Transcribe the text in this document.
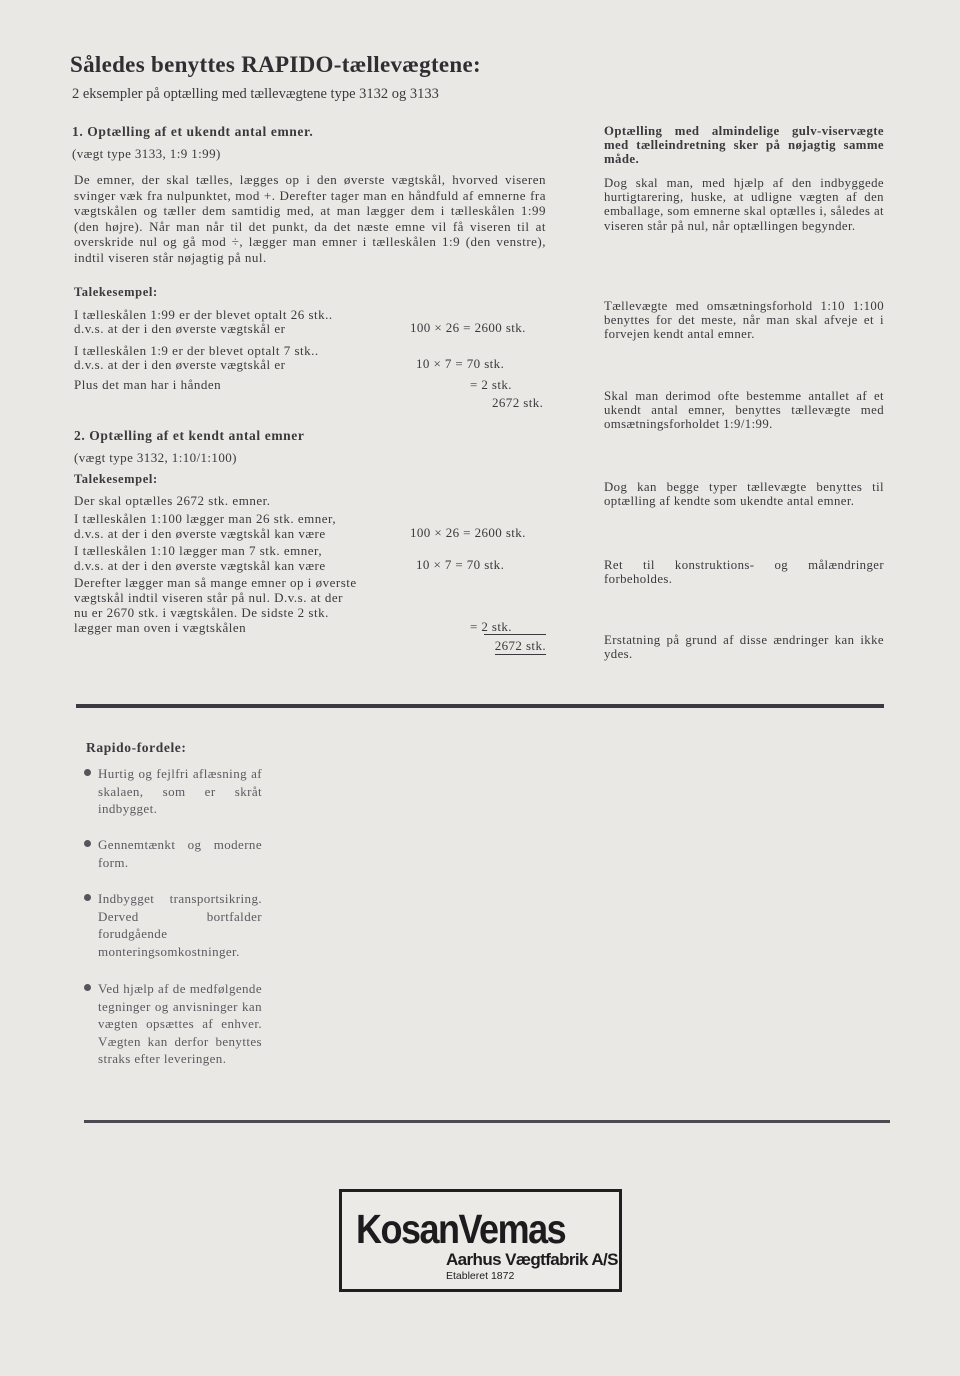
Således benyttes RAPIDO-tællevægtene:
2 eksempler på optælling med tællevægtene type 3132 og 3133
1. Optælling af et ukendt antal emner.
(vægt type 3133, 1:9 1:99)
De emner, der skal tælles, lægges op i den øverste vægtskål, hvorved viseren svinger væk fra nulpunktet, mod +. Derefter tager man en håndfuld af emnerne fra vægtskålen og tæller dem samtidig med, at man lægger dem i tælleskålen 1:99 (den højre). Når man når til det punkt, da det næste emne vil få viseren til at overskride nul og gå mod ÷, lægger man emner i tælleskålen 1:9 (den venstre), indtil viseren står nøjagtig på nul.
Talekesempel:
I tælleskålen 1:99 er der blevet optalt 26 stk..
d.v.s. at der i den øverste vægtskål er
I tælleskålen 1:9 er der blevet optalt 7 stk..
d.v.s. at der i den øverste vægtskål er
Plus det man har i hånden
100 × 26 = 2600 stk.
10 × 7 = 70 stk.
= 2 stk.
2672 stk.
2. Optælling af et kendt antal emner
(vægt type 3132, 1:10/1:100)
Talekesempel:
Der skal optælles 2672 stk. emner.
I tælleskålen 1:100 lægger man 26 stk. emner,
d.v.s. at der i den øverste vægtskål kan være
I tælleskålen 1:10 lægger man 7 stk. emner,
d.v.s. at der i den øverste vægtskål kan være
Derefter lægger man så mange emner op i øverste
vægtskål indtil viseren står på nul. D.v.s. at der
nu er 2670 stk. i vægtskålen. De sidste 2 stk.
lægger man oven i vægtskålen
100 × 26 = 2600 stk.
10 × 7 = 70 stk.
= 2 stk.
2672 stk.
Optælling med almindelige gulv-viservægte med tælleindretning sker på nøjagtig samme måde.
Dog skal man, med hjælp af den indbyggede hurtigtarering, huske, at udligne vægten af den emballage, som emnerne skal optælles i, således at viseren står på nul, når optællingen begynder.
Tællevægte med omsætningsforhold 1:10 1:100 benyttes for det meste, når man skal afveje et i forvejen kendt antal emner.
Skal man derimod ofte bestemme antallet af et ukendt antal emner, benyttes tællevægte med omsætningsforholdet 1:9/1:99.
Dog kan begge typer tællevægte benyttes til optælling af kendte som ukendte antal emner.
Ret til konstruktions- og målændringer forbeholdes.
Erstatning på grund af disse ændringer kan ikke ydes.
Rapido-fordele:
Hurtig og fejlfri aflæsning af skalaen, som er skråt indbygget.
Gennemtænkt og moderne form.
Indbygget transportsikring. Derved bortfalder forudgående monteringsomkostninger.
Ved hjælp af de medfølgende tegninger og anvisninger kan vægten opsættes af enhver. Vægten kan derfor benyttes straks efter leveringen.
KosanVemas
Aarhus Vægtfabrik A/S
Etableret 1872
